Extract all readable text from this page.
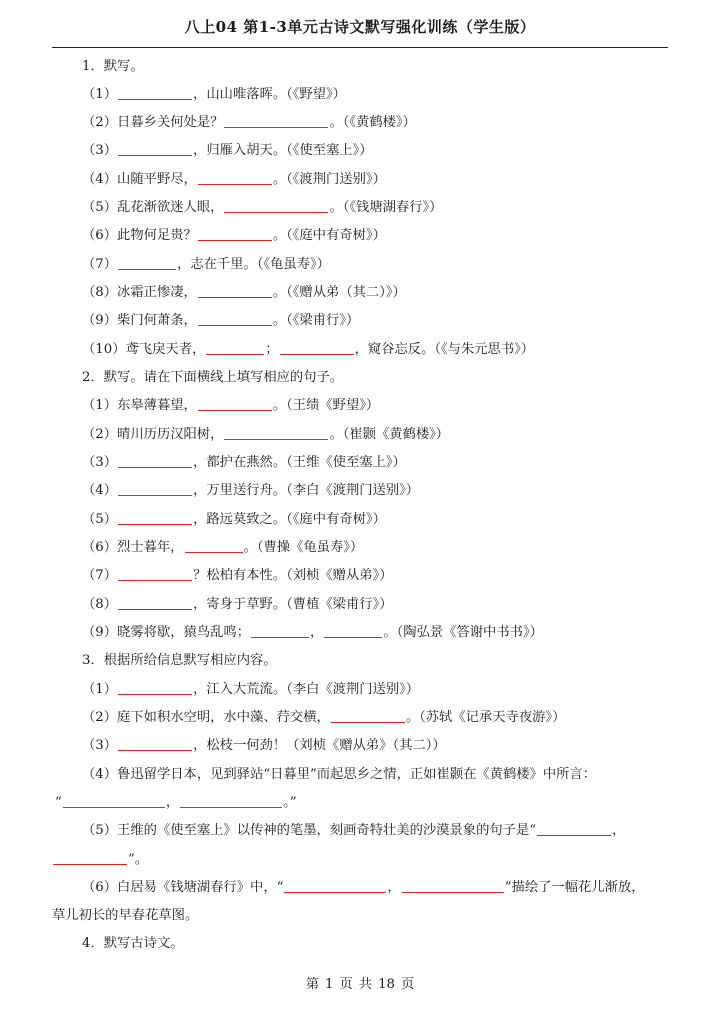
八上04 第1-3单元古诗文默写强化训练（学生版）
1．默写。
（1）	，山山唯落晖。（《野望》）
（2）日暮乡关何处是？	。（《黄鹤楼》）
（3）	，归雁入胡天。（《使至塞上》）
（4）山随平野尽，	。（《渡荆门送别》）
（5）乱花渐欲迷人眼，	。（《钱塘湖春行》）
（6）此物何足贵？	。（《庭中有奇树》）
（7）	，志在千里。（《龟虽寿》）
（8）冰霜正惨凄，	。（《赠从弟（其二）》）
（9）柴门何萧条，	。（《梁甫行》）
（10）鸢飞戾天者，	；	，窥谷忘反。（《与朱元思书》）
2．默写。请在下面横线上填写相应的句子。
（1）东皋薄暮望，	。（王绩《野望》）
（2）晴川历历汉阳树，	。（崔颢《黄鹤楼》）
（3）	，都护在燕然。（王维《使至塞上》）
（4）	，万里送行舟。（李白《渡荆门送别》）
（5）	，路远莫致之。（《庭中有奇树》）
（6）烈士暮年，	。（曹操《龟虽寿》）
（7）	？松柏有本性。（刘桢《赠从弟》）
（8）	，寄身于草野。（曹植《梁甫行》）
（9）晓雾将歇，猿鸟乱鸣；	，	。（陶弘景《答谢中书书》）
3．根据所给信息默写相应内容。
（1）	，江入大荒流。（李白《渡荆门送别》）
（2）庭下如积水空明，水中藻、荇交横，	。（苏轼《记承天寺夜游》）
（3）	，松枝一何劲！（刘桢《赠从弟》（其二））
（4）鲁迅留学日本，见到驿站“日暮里”而起思乡之情，正如崔颢在《黄鹤楼》中所言：
“	，	。”
（5）王维的《使至塞上》以传神的笔墨，刻画奇特壮美的沙漠景象的句子是“	，
”。
（6）白居易《钱塘湖春行》中，“	，	”描绘了一幅花儿渐放，
草儿初长的早春花草图。
4．默写古诗文。
第 1 页 共 18 页
